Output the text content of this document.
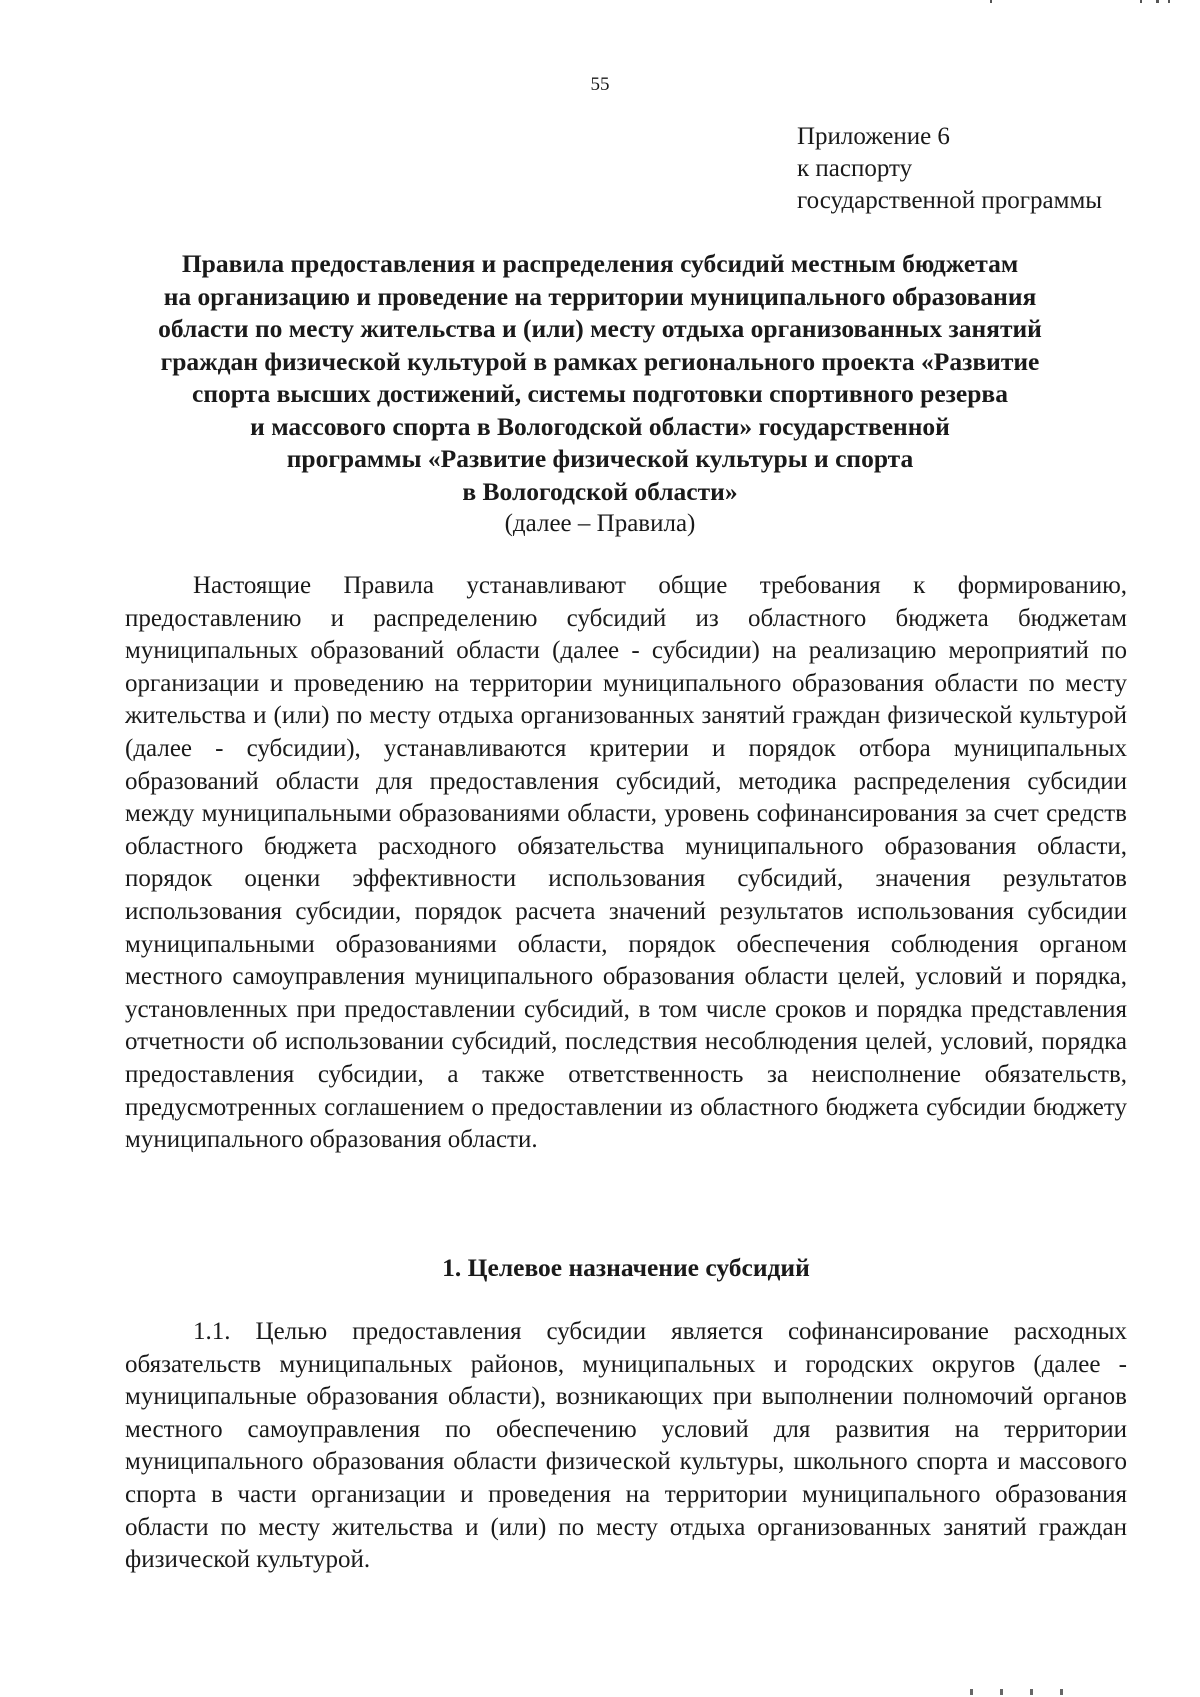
55
Приложение 6
к паспорту
государственной программы
Правила предоставления и распределения субсидий местным бюджетам
на организацию и проведение на территории муниципального образования
области по месту жительства и (или) месту отдыха организованных занятий
граждан физической культурой в рамках регионального проекта «Развитие
спорта высших достижений, системы подготовки спортивного резерва
и массового спорта в Вологодской области» государственной
программы «Развитие физической культуры и спорта
в Вологодской области»
(далее – Правила)

Настоящие Правила устанавливают общие требования к формированию, предоставлению и распределению субсидий из областного бюджета бюджетам муниципальных образований области (далее - субсидии) на реализацию мероприятий по организации и проведению на территории муниципального образования области по месту жительства и (или) по месту отдыха организованных занятий граждан физической культурой (далее - субсидии), устанавливаются критерии и порядок отбора муниципальных образований области для предоставления субсидий, методика распределения субсидии между муниципальными образованиями области, уровень софинансирования за счет средств областного бюджета расходного обязательства муниципального образования области, порядок оценки эффективности использования субсидий, значения результатов использования субсидии, порядок расчета значений результатов использования субсидии муниципальными образованиями области, порядок обеспечения соблюдения органом местного самоуправления муниципального образования области целей, условий и порядка, установленных при предоставлении субсидий, в том числе сроков и порядка представления отчетности об использовании субсидий, последствия несоблюдения целей, условий, порядка предоставления субсидии, а также ответственность за неисполнение обязательств, предусмотренных соглашением о предоставлении из областного бюджета субсидии бюджету муниципального образования области.

1. Целевое назначение субсидий

1.1. Целью предоставления субсидии является софинансирование расходных обязательств муниципальных районов, муниципальных и городских округов (далее - муниципальные образования области), возникающих при выполнении полномочий органов местного самоуправления по обеспечению условий для развития на территории муниципального образования области физической культуры, школьного спорта и массового спорта в части организации и проведения на территории муниципального образования области по месту жительства и (или) по месту отдыха организованных занятий граждан физической культурой.
